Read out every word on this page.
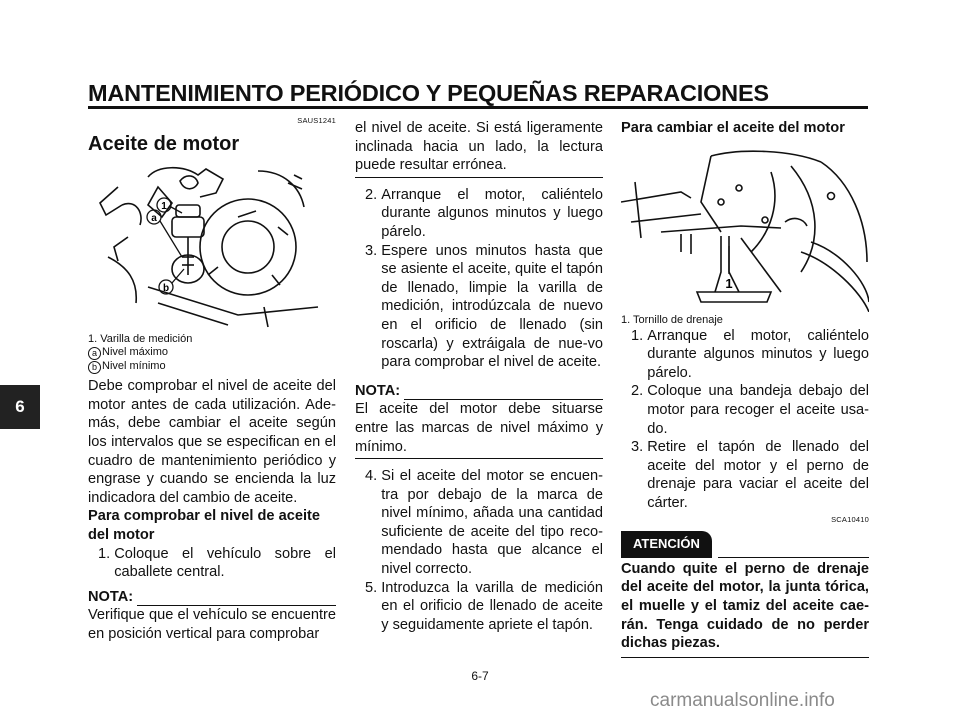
MANTENIMIENTO PERIÓDICO Y PEQUEÑAS REPARACIONES
6
SAUS1241
Aceite de motor
1
a
b
1. Varilla de medición
a Nivel máximo
b Nivel mínimo

Debe comprobar el nivel de aceite del motor antes de cada utilización. Ade-más, debe cambiar el aceite según los intervalos que se especifican en el cuadro de mantenimiento periódico y engrase y cuando se encienda la luz indicadora del cambio de aceite.

Para comprobar el nivel de aceite del motor
1. Coloque el vehículo sobre el caballete central.
NOTA:

Verifique que el vehículo se encuentre en posición vertical para comprobar

el nivel de aceite. Si está ligeramente inclinada hacia un lado, la lectura puede resultar errónea.

2. Arranque el motor, caliéntelo durante algunos minutos y luego párelo.
3. Espere unos minutos hasta que se asiente el aceite, quite el tapón de llenado, limpie la varilla de medición, introdúzcala de nuevo en el orificio de llenado (sin roscarla) y extráigala de nue-vo para comprobar el nivel de aceite.
NOTA:

El aceite del motor debe situarse entre las marcas de nivel máximo y mínimo.

4. Si el aceite del motor se encuen-tra por debajo de la marca de nivel mínimo, añada una cantidad suficiente de aceite del tipo reco-mendado hasta que alcance el nivel correcto.
5. Introduzca la varilla de medición en el orificio de llenado de aceite y seguidamente apriete el tapón.
Para cambiar el aceite del motor
1
1. Tornillo de drenaje
1. Arranque el motor, caliéntelo durante algunos minutos y luego párelo.
2. Coloque una bandeja debajo del motor para recoger el aceite usa-do.
3. Retire el tapón de llenado del aceite del motor y el perno de drenaje para vaciar el aceite del cárter.
SCA10410
ATENCIÓN

Cuando quite el perno de drenaje del aceite del motor, la junta tórica, el muelle y el tamiz del aceite cae-rán. Tenga cuidado de no perder dichas piezas.

6-7
carmanualsonline.info
